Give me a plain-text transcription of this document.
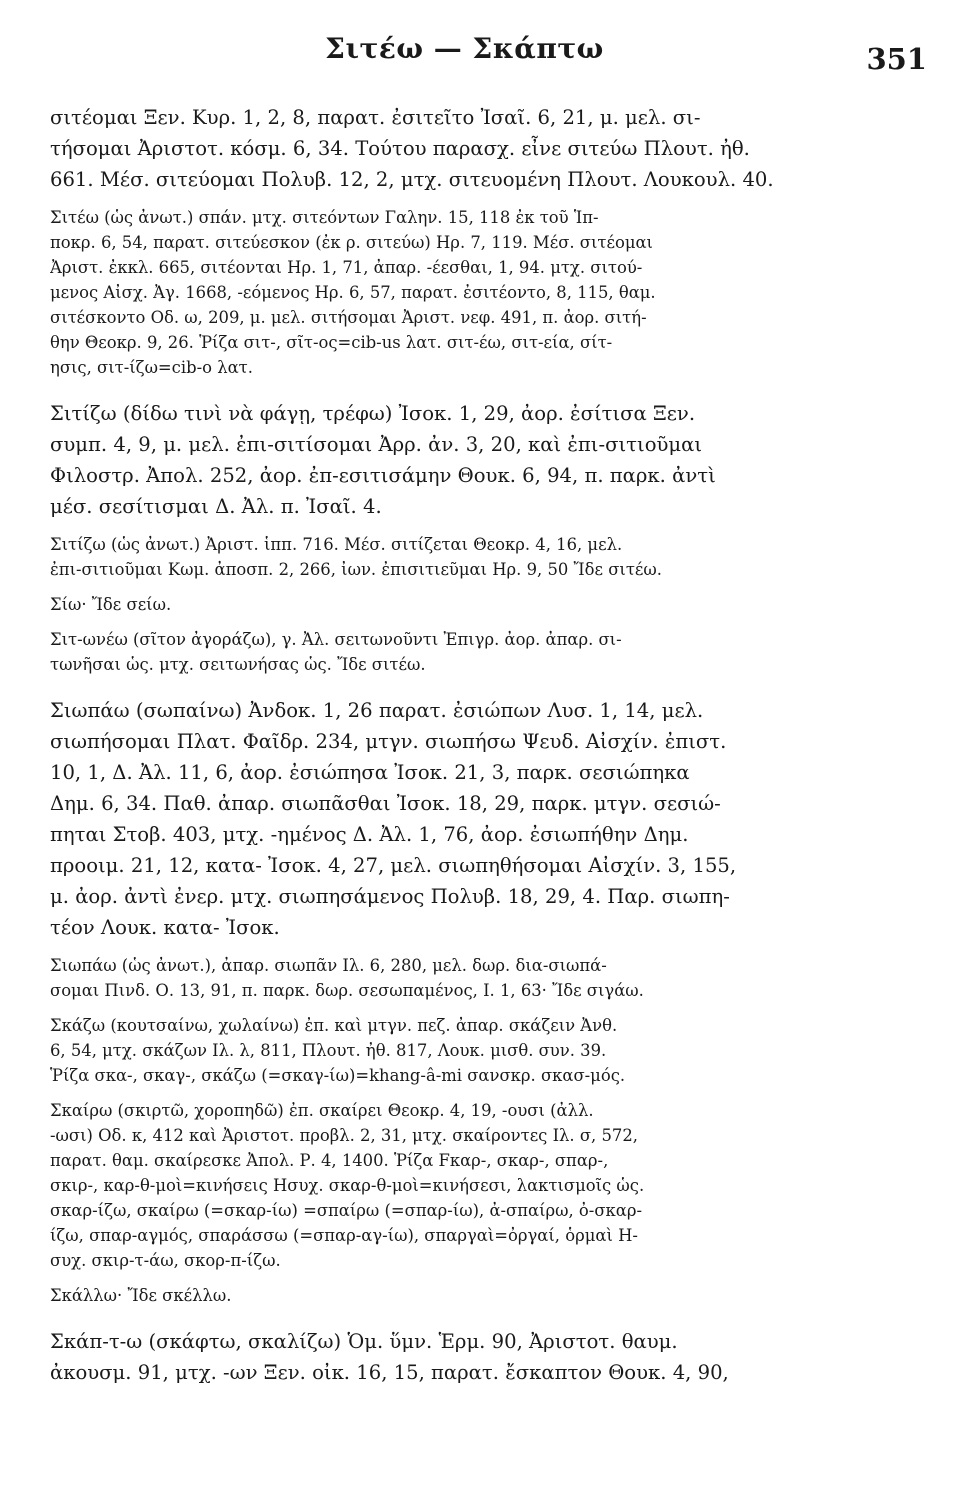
Σιτέω — Σκάπτω	351
σιτέομαι Ξεν. Κυρ. 1, 2, 8, παρατ. ἐσιτεῖτο Ἰσαῖ. 6, 21, μ. μελ. σι-
τήσομαι Ἀριστοτ. κόσμ. 6, 34. Τούτου παρασχ. εἶνε σιτεύω Πλουτ. ἠθ.
661. Μέσ. σιτεύομαι Πολυβ. 12, 2, μτχ. σιτευομένη Πλουτ. Λουκουλ. 40.
Σιτέω (ὡς ἀνωτ.) σπάν. μτχ. σιτεόντων Γαλην. 15, 118 ἐκ τοῦ Ἱπ-
ποκρ. 6, 54, παρατ. σιτεύεσκον (ἐκ ρ. σιτεύω) Ηρ. 7, 119. Μέσ. σιτέομαι
Ἀριστ. ἐκκλ. 665, σιτέονται Ηρ. 1, 71, ἀπαρ. -έεσθαι, 1, 94. μτχ. σιτού-
μενος Αἰσχ. Ἀγ. 1668, -εόμενος Ηρ. 6, 57, παρατ. ἐσιτέοντο, 8, 115, θαμ.
σιτέσκοντο Οδ. ω, 209, μ. μελ. σιτήσομαι Ἀριστ. νεφ. 491, π. ἀορ. σιτή-
θην Θεοκρ. 9, 26. Ῥίζα σιτ-, σῖτ-ος=cib-us λατ. σιτ-έω, σιτ-εία, σίτ-
ησις, σιτ-ίζω=cib-o λατ.
Σιτίζω (δίδω τινὶ νὰ φάγῃ, τρέφω) Ἰσοκ. 1, 29, ἀορ. ἐσίτισα Ξεν.
συμπ. 4, 9, μ. μελ. ἐπι-σιτίσομαι Ἀρρ. ἀν. 3, 20, καὶ ἐπι-σιτιοῦμαι
Φιλοστρ. Ἀπολ. 252, ἀορ. ἐπ-εσιτισάμην Θουκ. 6, 94, π. παρκ. ἀντὶ
μέσ. σεσίτισμαι Δ. Ἀλ. π. Ἰσαῖ. 4.
Σιτίζω (ὡς ἀνωτ.) Ἀριστ. ἱππ. 716. Μέσ. σιτίζεται Θεοκρ. 4, 16, μελ.
ἐπι-σιτιοῦμαι Κωμ. ἀποσπ. 2, 266, ἰων. ἐπισιτιεῦμαι Ηρ. 9, 50 Ἴδε σιτέω.
Σίω· Ἴδε σείω.
Σιτ-ωνέω (σῖτον ἀγοράζω), γ. Ἀλ. σειτωνοῦντι Ἐπιγρ. ἀορ. ἀπαρ. σι-
τωνῆσαι ὡς. μτχ. σειτωνήσας ὡς. Ἴδε σιτέω.
Σιωπάω (σωπαίνω) Ἀνδοκ. 1, 26 παρατ. ἐσιώπων Λυσ. 1, 14, μελ.
σιωπήσομαι Πλατ. Φαῖδρ. 234, μτγν. σιωπήσω Ψευδ. Αἰσχίν. ἐπιστ.
10, 1, Δ. Ἀλ. 11, 6, ἀορ. ἐσιώπησα Ἰσοκ. 21, 3, παρκ. σεσιώπηκα
Δημ. 6, 34. Παθ. ἀπαρ. σιωπᾶσθαι Ἰσοκ. 18, 29, παρκ. μτγν. σεσιώ-
πηται Στοβ. 403, μτχ. -ημένος Δ. Ἀλ. 1, 76, ἀορ. ἐσιωπήθην Δημ.
προοιμ. 21, 12, κατα- Ἰσοκ. 4, 27, μελ. σιωπηθήσομαι Αἰσχίν. 3, 155,
μ. ἀορ. ἀντὶ ἐνερ. μτχ. σιωπησάμενος Πολυβ. 18, 29, 4. Παρ. σιωπη-
τέον Λουκ. κατα- Ἰσοκ.
Σιωπάω (ὡς ἀνωτ.), ἀπαρ. σιωπᾶν Ιλ. 6, 280, μελ. δωρ. δια-σιωπά-
σομαι Πινδ. Ο. 13, 91, π. παρκ. δωρ. σεσωπαμένος, Ι. 1, 63· Ἴδε σιγάω.
Σκάζω (κουτσαίνω, χωλαίνω) ἐπ. καὶ μτγν. πεζ. ἀπαρ. σκάζειν Ἀνθ.
6, 54, μτχ. σκάζων Ιλ. λ, 811, Πλουτ. ἠθ. 817, Λουκ. μισθ. συν. 39.
Ῥίζα σκα-, σκαγ-, σκάζω (=σκαγ-ίω)=khang-â-mi σανσκρ. σκασ-μός.
Σκαίρω (σκιρτῶ, χοροπηδῶ) ἐπ. σκαίρει Θεοκρ. 4, 19, -ουσι (ἀλλ.
-ωσι) Οδ. κ, 412 καὶ Ἀριστοτ. προβλ. 2, 31, μτχ. σκαίροντες Ιλ. σ, 572,
παρατ. θαμ. σκαίρεσκε Ἀπολ. Ρ. 4, 1400. Ῥίζα Fκαρ-, σκαρ-, σπαρ-,
σκιρ-, καρ-θ-μοὶ=κινήσεις Ησυχ. σκαρ-θ-μοὶ=κινήσεσι, λακτισμοῖς ὡς.
σκαρ-ίζω, σκαίρω (=σκαρ-ίω) =σπαίρω (=σπαρ-ίω), ἀ-σπαίρω, ὀ-σκαρ-
ίζω, σπαρ-αγμός, σπαράσσω (=σπαρ-αγ-ίω), σπαργαὶ=ὀργαί, ὁρμαὶ Η-
συχ. σκιρ-τ-άω, σκορ-π-ίζω.
Σκάλλω· Ἴδε σκέλλω.
Σκάπ-τ-ω (σκάφτω, σκαλίζω) Ὁμ. ὕμν. Ἑρμ. 90, Ἀριστοτ. θαυμ.
ἀκουσμ. 91, μτχ. -ων Ξεν. οἰκ. 16, 15, παρατ. ἔσκαπτον Θουκ. 4, 90,
